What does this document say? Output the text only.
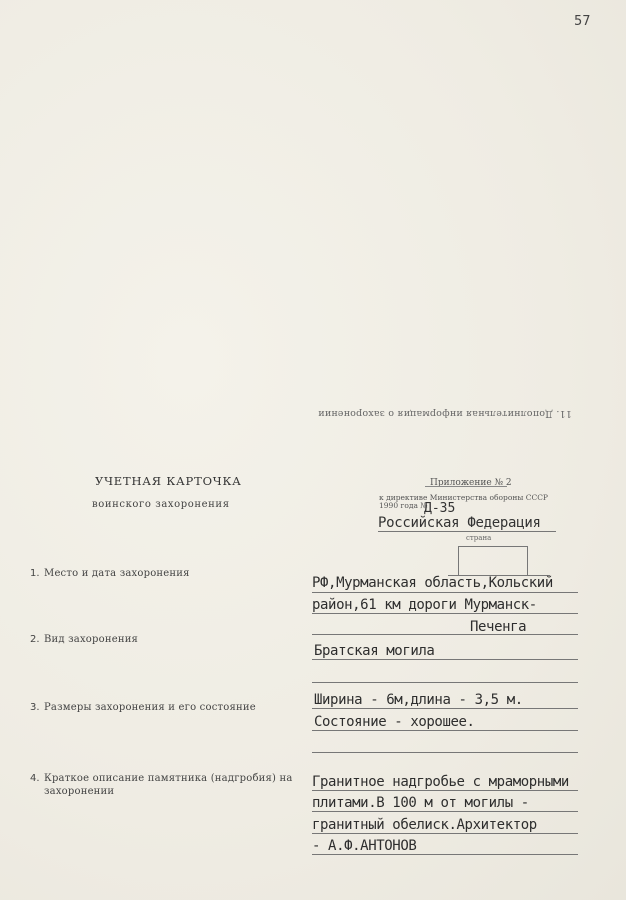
57
11. Дополнительная информация о захоронении
УЧЕТНАЯ КАРТОЧКА
воинского захоронения
Приложение № 2
к директиве Министерства обороны СССР
1990 года №
Д-35
Российская Федерация
страна
1. Место и дата захоронения
РФ,Мурманская область,Кольский
район,61 км дороги Мурманск-
Печенга
2. Вид захоронения
Братская могила
3. Размеры захоронения и его состояние	Ширина - 6м,длина - 3,5 м.
Состояние - хорошее.
4. Краткое описание памятника (надгробия) на
захоронении
Гранитное надгробье с мраморными
плитами.В 100 м от могилы -
гранитный обелиск.Архитектор
- А.Ф.АНТОНОВ
